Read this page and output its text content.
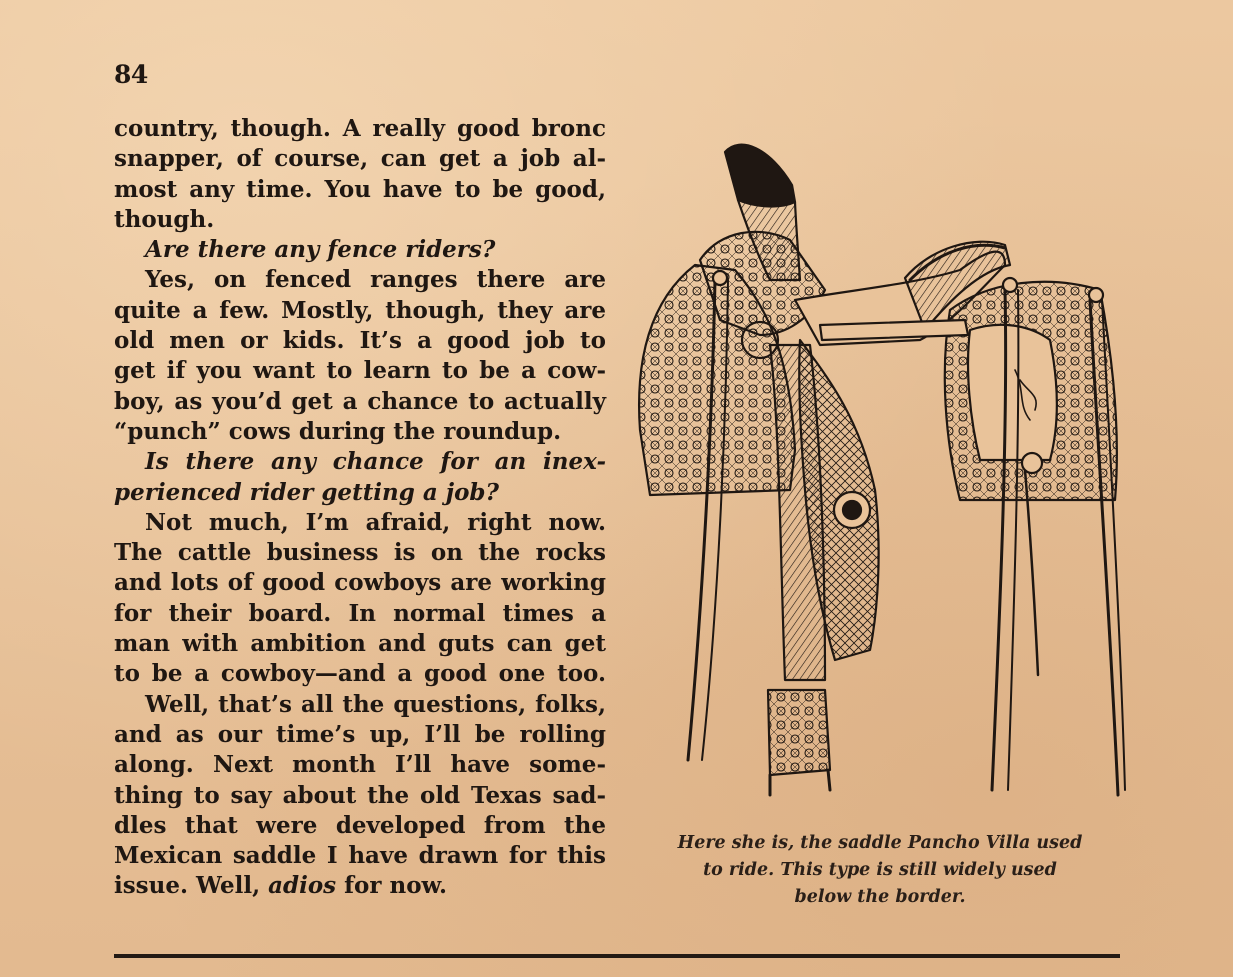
84
country, though. A really good bronc
snapper, of course, can get a job al-
most any time. You have to be good,
though.
Are there any fence riders?
Yes, on fenced ranges there are
quite a few. Mostly, though, they are
old men or kids. It’s a good job to
get if you want to learn to be a cow-
boy, as you’d get a chance to actually
“punch” cows during the roundup.
Is there any chance for an inex-
perienced rider getting a job?
Not much, I’m afraid, right now.
The cattle business is on the rocks
and lots of good cowboys are working
for their board. In normal times a
man with ambition and guts can get
to be a cowboy—and a good one too.
Well, that’s all the questions, folks,
and as our time’s up, I’ll be rolling
along. Next month I’ll have some-
thing to say about the old Texas sad-
dles that were developed from the
Mexican saddle I have drawn for this
issue. Well, adios for now.
Here she is, the saddle Pancho Villa used
to ride. This type is still widely used
below the border.
